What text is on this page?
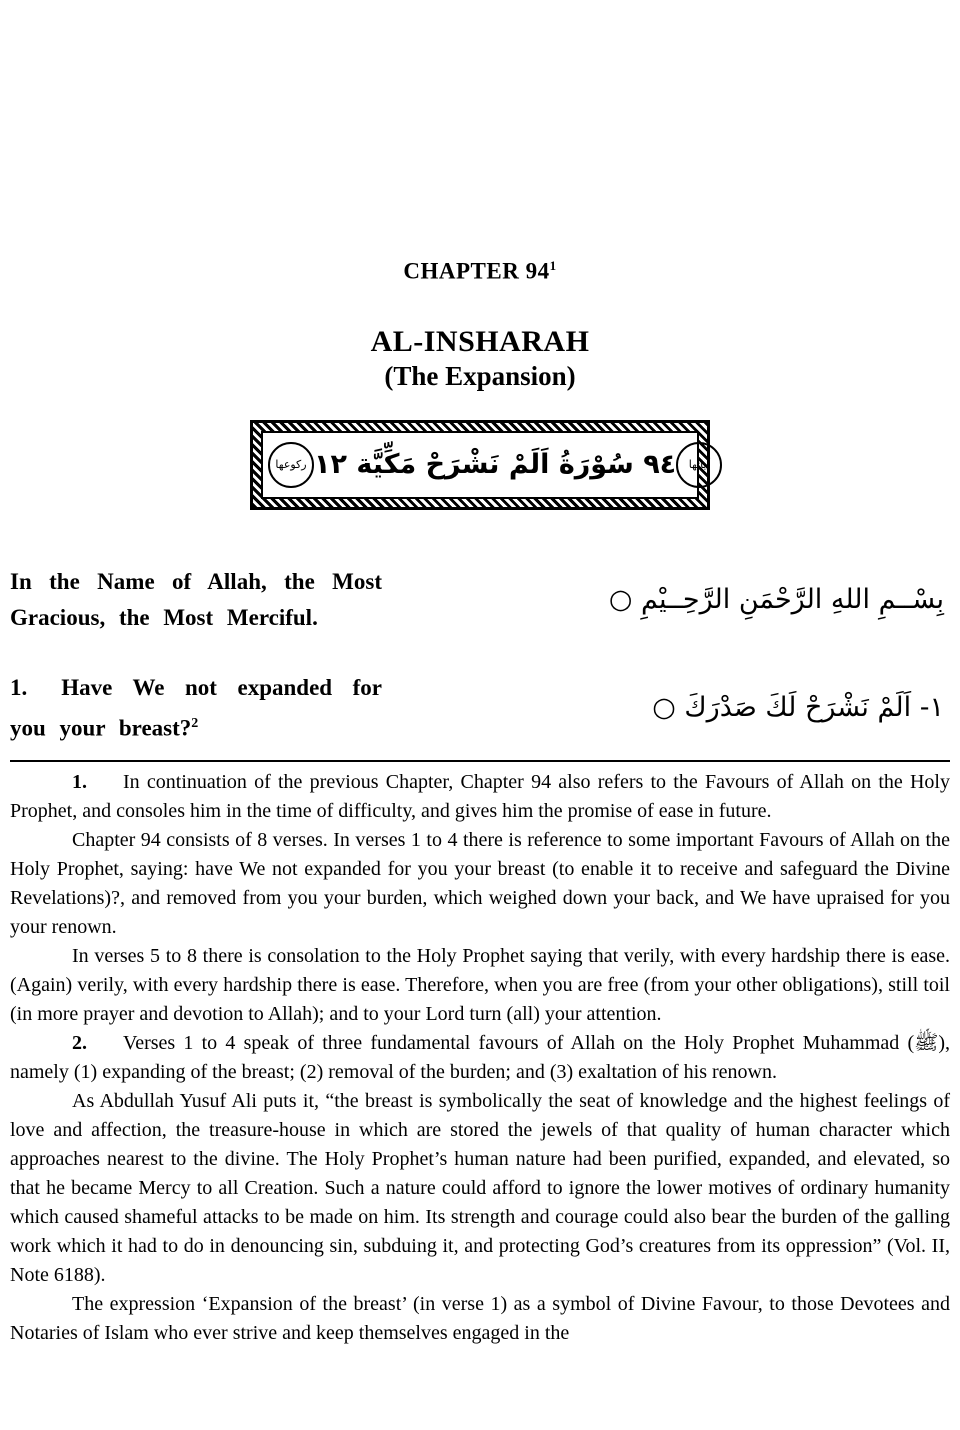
CHAPTER $94^1$
AL-INSHARAH
(The Expansion)
ركوعها ٩٤ سُوْرَةُ اَلَمْ نَشْرَحْ مَكِّيَّة ١٢	آياتها
In the Name of Allah, the Most Gracious, the Most Merciful.
بِسْــمِ اللهِ الرَّحْمَنِ الرَّحِــيْمِ ○
1. Have We not expanded for you your breast?$^2$	١- اَلَمْ نَشْرَحْ لَكَ صَدْرَكَ ○

1. In continuation of the previous Chapter, Chapter 94 also refers to the Favours of Allah on the Holy Prophet, and consoles him in the time of difficulty, and gives him the promise of ease in future.

Chapter 94 consists of 8 verses. In verses 1 to 4 there is reference to some important Favours of Allah on the Holy Prophet, saying: have We not expanded for you your breast (to enable it to receive and safeguard the Divine Revelations)?, and removed from you your burden, which weighed down your back, and We have upraised for you your renown.

In verses 5 to 8 there is consolation to the Holy Prophet saying that verily, with every hardship there is ease. (Again) verily, with every hardship there is ease. Therefore, when you are free (from your other obligations), still toil (in more prayer and devotion to Allah); and to your Lord turn (all) your attention.

2. Verses 1 to 4 speak of three fundamental favours of Allah on the Holy Prophet Muhammad (ﷺ), namely (1) expanding of the breast; (2) removal of the burden; and (3) exaltation of his renown.

As Abdullah Yusuf Ali puts it, “the breast is symbolically the seat of knowledge and the highest feelings of love and affection, the treasure-house in which are stored the jewels of that quality of human character which approaches nearest to the divine. The Holy Prophet’s human nature had been purified, expanded, and elevated, so that he became Mercy to all Creation. Such a nature could afford to ignore the lower motives of ordinary humanity which caused shameful attacks to be made on him. Its strength and courage could also bear the burden of the galling work which it had to do in denouncing sin, subduing it, and protecting God’s creatures from its oppression” (Vol. II, Note 6188).

The expression ‘Expansion of the breast’ (in verse 1) as a symbol of Divine Favour, to those Devotees and Notaries of Islam who ever strive and keep themselves engaged in the
